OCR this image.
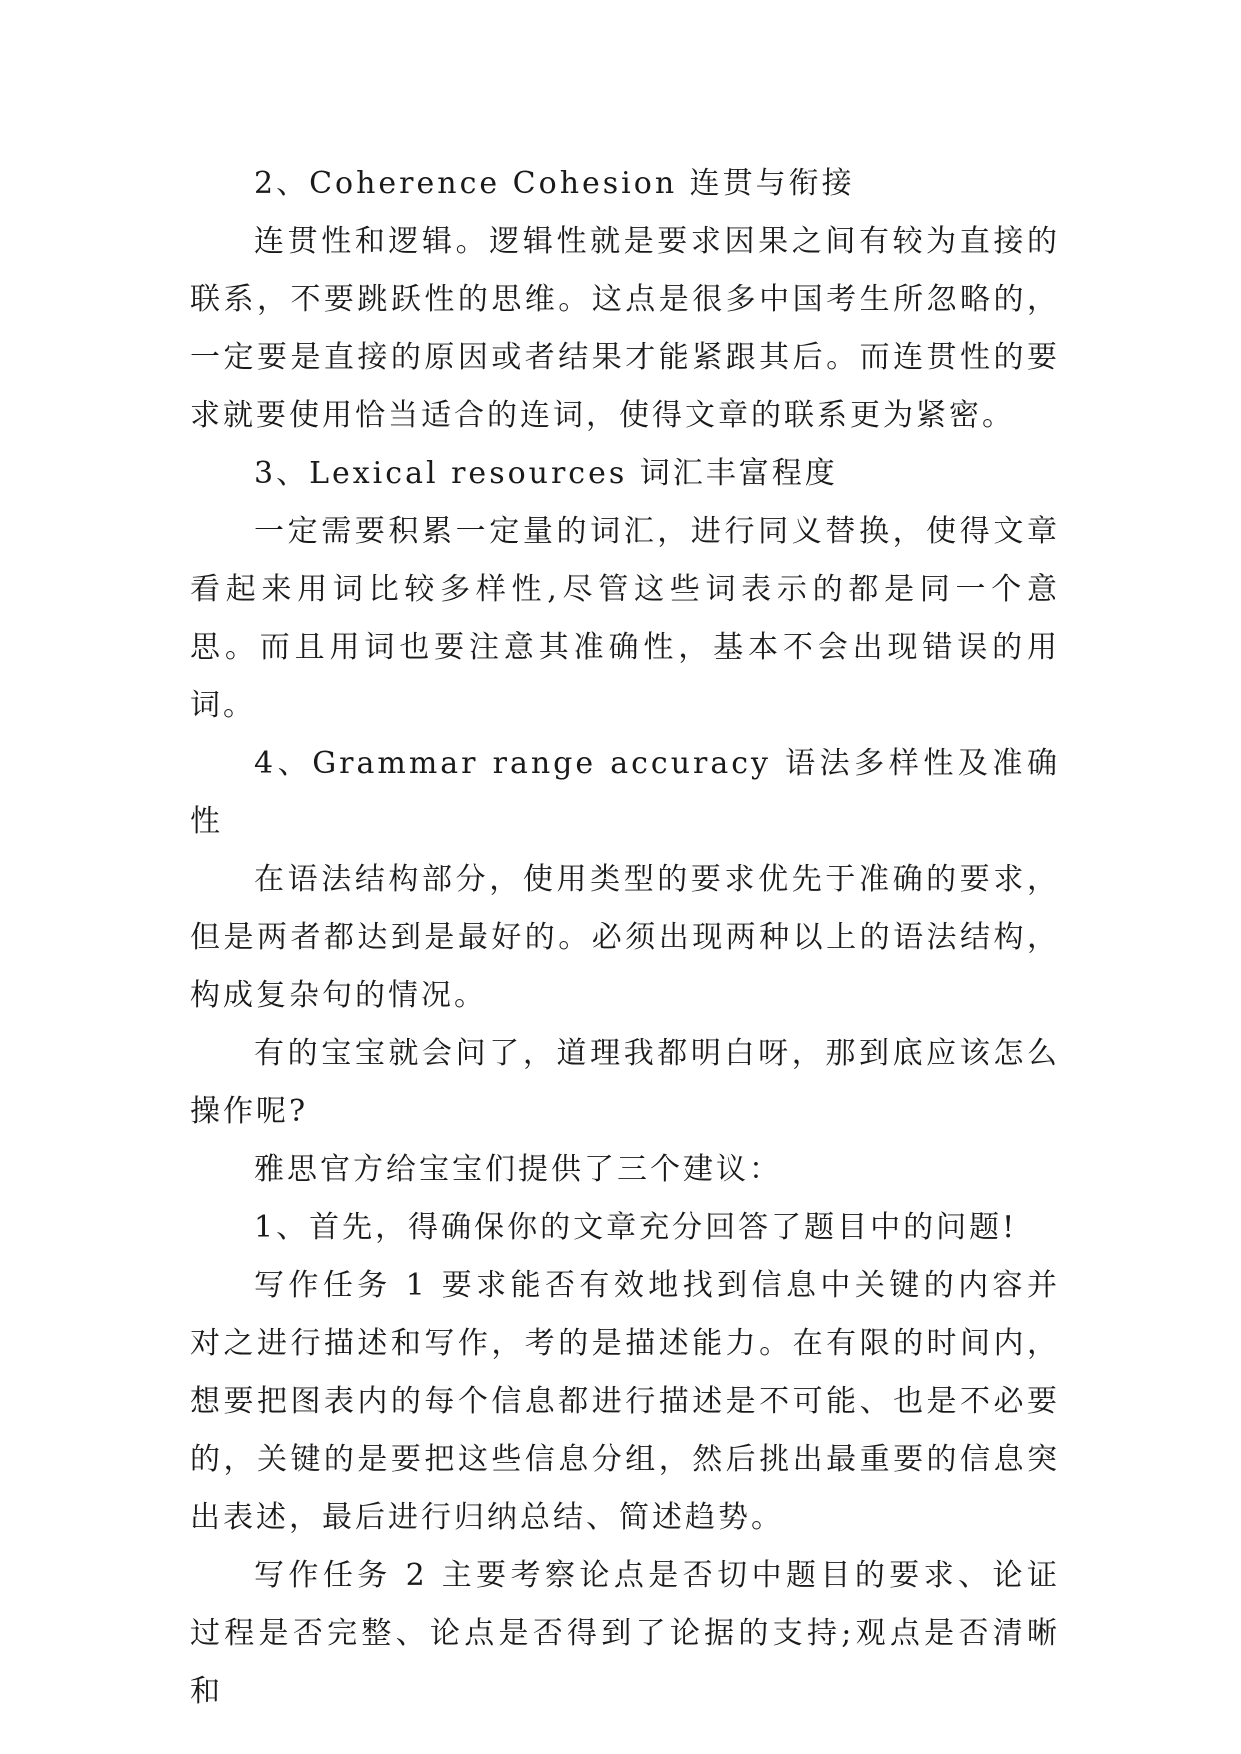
2、Coherence Cohesion 连贯与衔接

连贯性和逻辑。逻辑性就是要求因果之间有较为直接的联系，不要跳跃性的思维。这点是很多中国考生所忽略的，一定要是直接的原因或者结果才能紧跟其后。而连贯性的要求就要使用恰当适合的连词，使得文章的联系更为紧密。

3、Lexical resources 词汇丰富程度

一定需要积累一定量的词汇，进行同义替换，使得文章看起来用词比较多样性,尽管这些词表示的都是同一个意思。而且用词也要注意其准确性，基本不会出现错误的用词。

4、Grammar range accuracy 语法多样性及准确性

在语法结构部分，使用类型的要求优先于准确的要求，但是两者都达到是最好的。必须出现两种以上的语法结构，构成复杂句的情况。

有的宝宝就会问了，道理我都明白呀，那到底应该怎么操作呢?

雅思官方给宝宝们提供了三个建议：

1、首先，得确保你的文章充分回答了题目中的问题!

写作任务 1 要求能否有效地找到信息中关键的内容并对之进行描述和写作，考的是描述能力。在有限的时间内，想要把图表内的每个信息都进行描述是不可能、也是不必要的，关键的是要把这些信息分组，然后挑出最重要的信息突出表述，最后进行归纳总结、简述趋势。

写作任务 2 主要考察论点是否切中题目的要求、论证过程是否完整、论点是否得到了论据的支持;观点是否清晰和
